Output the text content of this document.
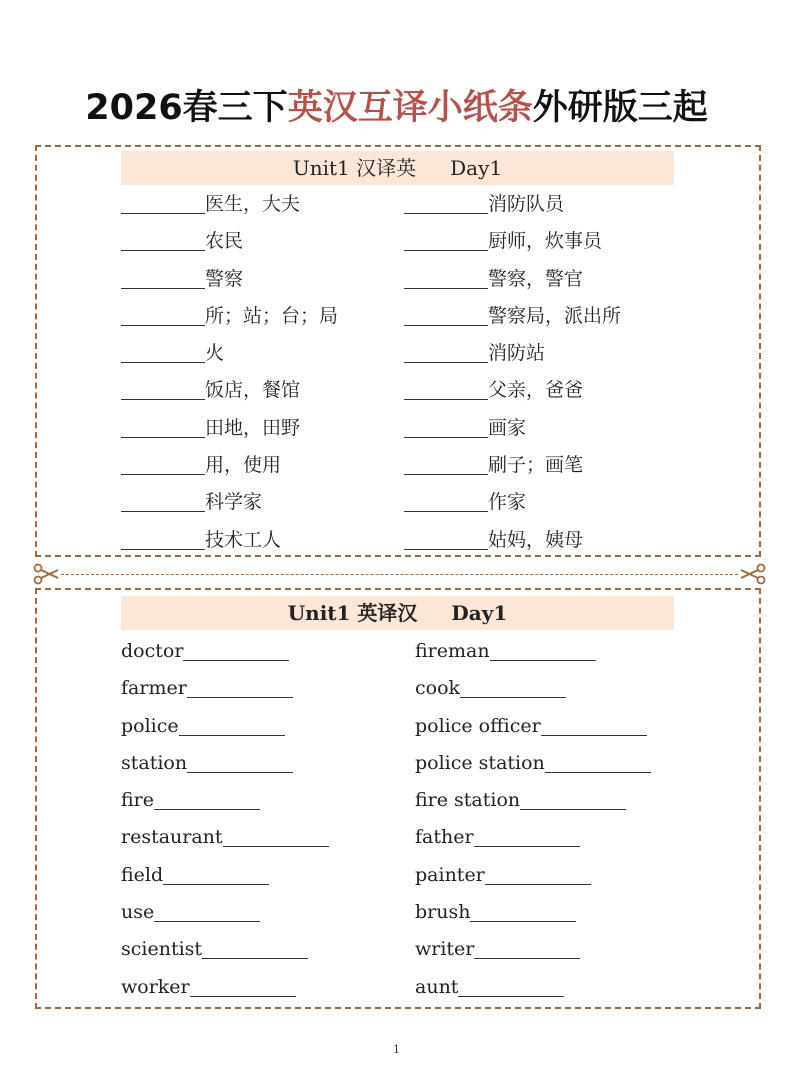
2026春三下英汉互译小纸条外研版三起
Unit1 汉译英 Day1
医生，大夫
农民
警察
所；站；台；局
火
饭店，餐馆
田地，田野
用，使用
科学家
技术工人
消防队员
厨师，炊事员
警察，警官
警察局，派出所
消防站
父亲，爸爸
画家
刷子；画笔
作家
姑妈，姨母
Unit1 英译汉 Day1
doctor
farmer
police
station
fire
restaurant
field
use
scientist
worker
fireman
cook
police officer
police station
fire station
father
painter
brush
writer
aunt
1
